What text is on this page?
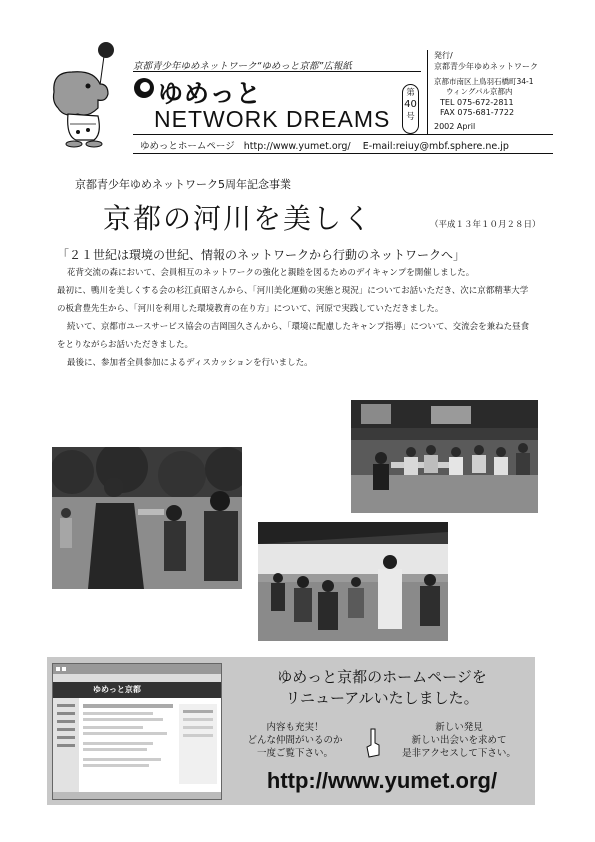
京都青少年ゆめネットワーク“ゆめっと京都”広報紙
ゆめっと
NETWORK DREAMS
第
40
号
発行/
京都青少年ゆめネットワーク
京都市南区上鳥羽石橋町34-1
ウィングパル京都内
TEL 075-672-2811
FAX 075-681-7722
2002 April
ゆめっとホームページ http://www.yumet.org/ E-mail:reiuy@mbf.sphere.ne.jp
京都青少年ゆめネットワーク5周年記念事業
京都の河川を美しく	（平成１３年１０月２８日）
「２１世紀は環境の世紀、情報のネットワークから行動のネットワークへ」

花背交流の森において、会員相互のネットワークの強化と親睦を図るためのデイキャンプを開催しました。

最初に、鴨川を美しくする会の杉江貞昭さんから、「河川美化運動の実態と現況」についてお話いただき、次に京都精華大学

の板倉豊先生から、「河川を利用した環境教育の在り方」について、河原で実践していただきました。

続いて、京都市ユースサービス協会の吉岡国久さんから、「環境に配慮したキャンプ指導」について、交流会を兼ねた昼食

をとりながらお話いただきました。

最後に、参加者全員参加によるディスカッションを行いました。

ゆめっと京都
ゆめっと京都のホームページを
リニューアルいたしました。
内容も充実！
どんな仲間がいるのか
一度ご覧下さい。
新しい発見
新しい出会いを求めて
是非アクセスして下さい。
http://www.yumet.org/
